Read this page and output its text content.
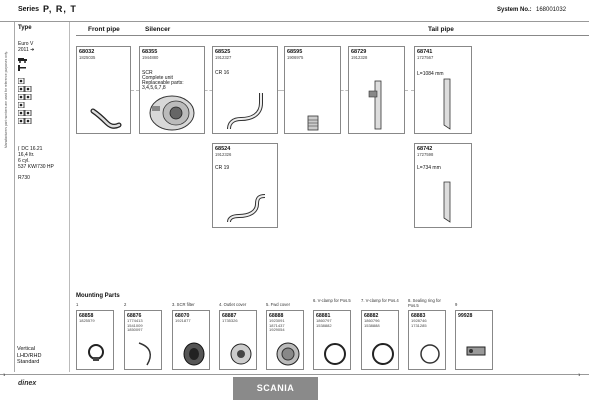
Series P, R, T	System No.: 168001032
Manufacturers part numbers are used for reference purposes only.
Type
Euro V
2011 ➜
⌈ DC 16.21
16,4 ltr.
6 cyl.
537 KW/730 HP
R730
Front pipe	Silencer	Tail pipe
68032
1825035
68355
1944880
SCR
Complete unit
Replaceable parts:
3,4,5,6,7,8
68525
1912327
CR 16
68595
1906975
68729
1912328
68741
1727567
L=1084 mm
68524
1912326
CR 19
68742
1727598
L=734 mm
Mounting Parts
1	2	3. SCR filter	4. Outlet cover	5. Fwd cover
6. V-clamp for Pos.5	7. V-clamp for Pos.4	8. Sealing ring for Pos.5	9
68858
1825579
68876
1774413
1541009
1850097
68070
1921877
68887
1735326
68888
1923091
1871437
1929054
68881
1860797
1538882
68882
1860796
1538888
68883
1928746
1731285
99928
Vertical
LHD/RHD
Standard
1	1
dinex	SCANIA
